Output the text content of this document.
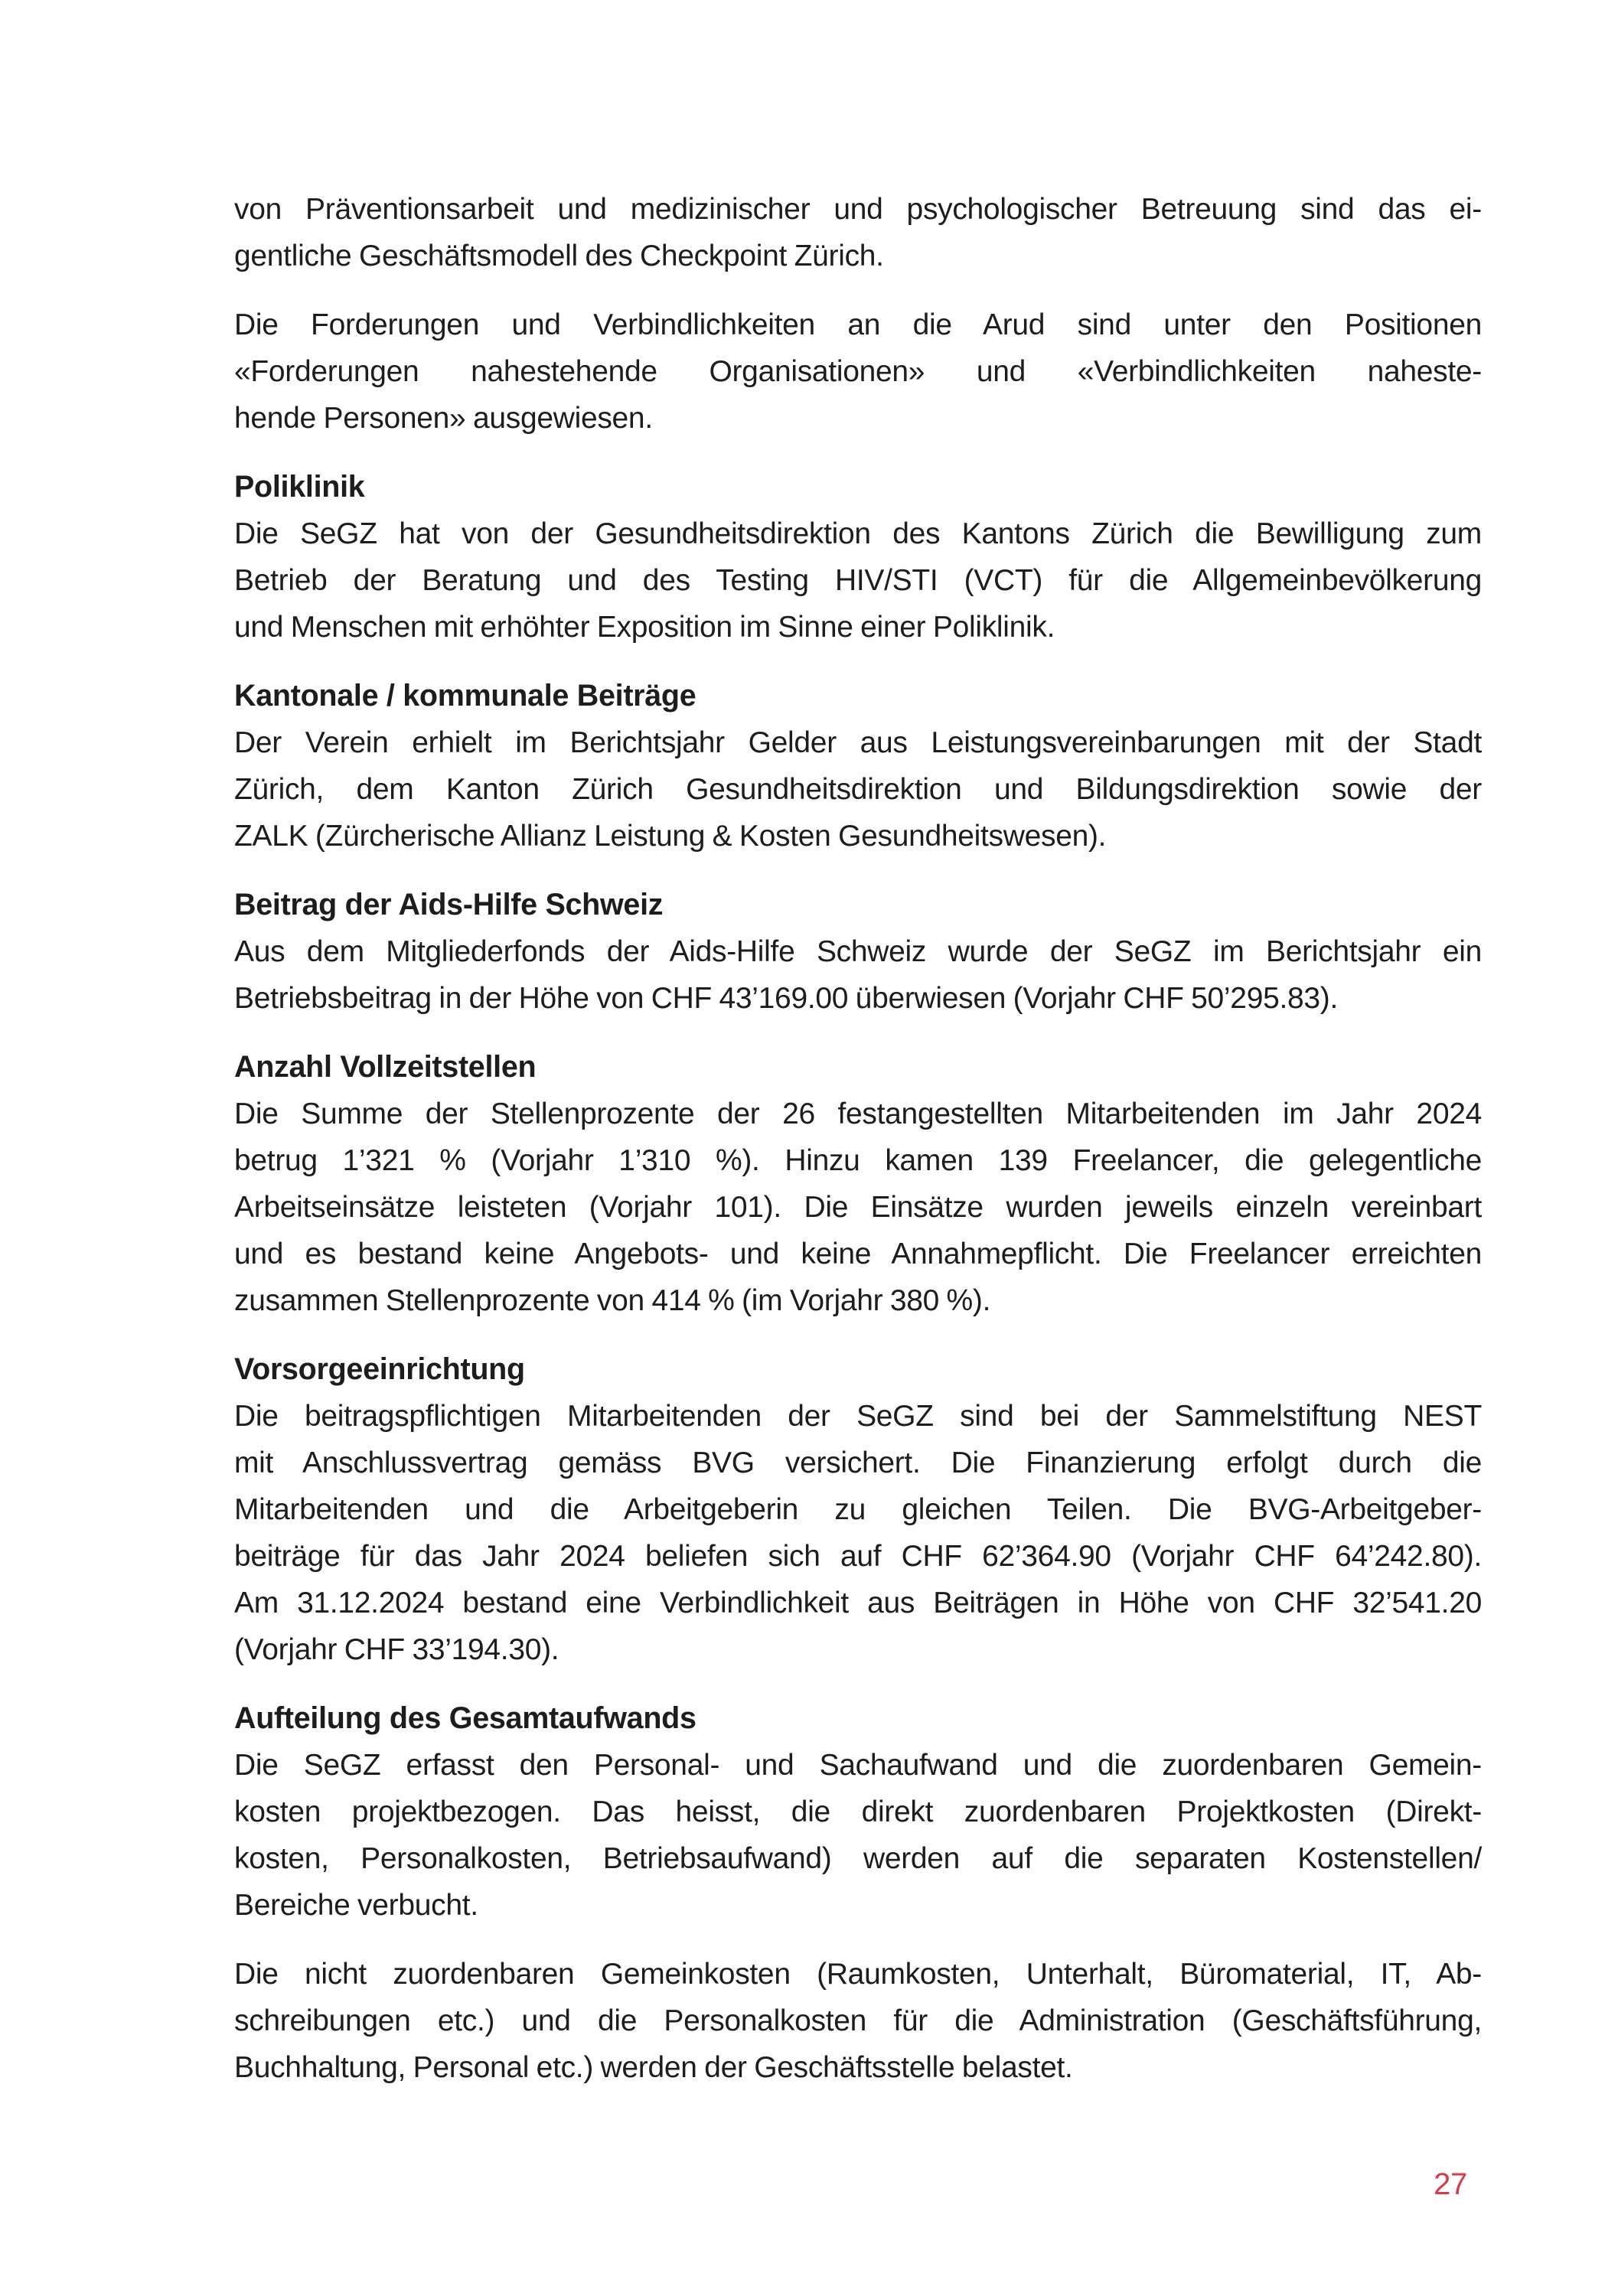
von Präventionsarbeit und medizinischer und psychologischer Betreuung sind das ei-
gentliche Geschäftsmodell des Checkpoint Zürich.
Die Forderungen und Verbindlichkeiten an die Arud sind unter den Positionen
«Forderungen nahestehende Organisationen» und «Verbindlichkeiten naheste-
hende Personen» ausgewiesen.
Poliklinik
Die SeGZ hat von der Gesundheitsdirektion des Kantons Zürich die Bewilligung zum
Betrieb der Beratung und des Testing HIV/STI (VCT) für die Allgemeinbevölkerung
und Menschen mit erhöhter Exposition im Sinne einer Poliklinik.
Kantonale / kommunale Beiträge
Der Verein erhielt im Berichtsjahr Gelder aus Leistungsvereinbarungen mit der Stadt
Zürich, dem Kanton Zürich Gesundheitsdirektion und Bildungsdirektion sowie der
ZALK (Zürcherische Allianz Leistung & Kosten Gesundheitswesen).
Beitrag der Aids-Hilfe Schweiz
Aus dem Mitgliederfonds der Aids-Hilfe Schweiz wurde der SeGZ im Berichtsjahr ein
Betriebsbeitrag in der Höhe von CHF 43’169.00 überwiesen (Vorjahr CHF 50’295.83).
Anzahl Vollzeitstellen
Die Summe der Stellenprozente der 26 festangestellten Mitarbeitenden im Jahr 2024
betrug 1’321 % (Vorjahr 1’310 %). Hinzu kamen 139 Freelancer, die gelegentliche
Arbeitseinsätze leisteten (Vorjahr 101). Die Einsätze wurden jeweils einzeln vereinbart
und es bestand keine Angebots- und keine Annahmepflicht. Die Freelancer erreichten
zusammen Stellenprozente von 414 % (im Vorjahr 380 %).
Vorsorgeeinrichtung
Die beitragspflichtigen Mitarbeitenden der SeGZ sind bei der Sammelstiftung NEST
mit Anschlussvertrag gemäss BVG versichert. Die Finanzierung erfolgt durch die
Mitarbeitenden und die Arbeitgeberin zu gleichen Teilen. Die BVG-Arbeitgeber-
beiträge für das Jahr 2024 beliefen sich auf CHF 62’364.90 (Vorjahr CHF 64’242.80).
Am 31.12.2024 bestand eine Verbindlichkeit aus Beiträgen in Höhe von CHF 32’541.20
(Vorjahr CHF 33’194.30).
Aufteilung des Gesamtaufwands
Die SeGZ erfasst den Personal- und Sachaufwand und die zuordenbaren Gemein-
kosten projektbezogen. Das heisst, die direkt zuordenbaren Projektkosten (Direkt-
kosten, Personalkosten, Betriebsaufwand) werden auf die separaten Kostenstellen/
Bereiche verbucht.
Die nicht zuordenbaren Gemeinkosten (Raumkosten, Unterhalt, Büromaterial, IT, Ab-
schreibungen etc.) und die Personalkosten für die Administration (Geschäftsführung,
Buchhaltung, Personal etc.) werden der Geschäftsstelle belastet.
27
